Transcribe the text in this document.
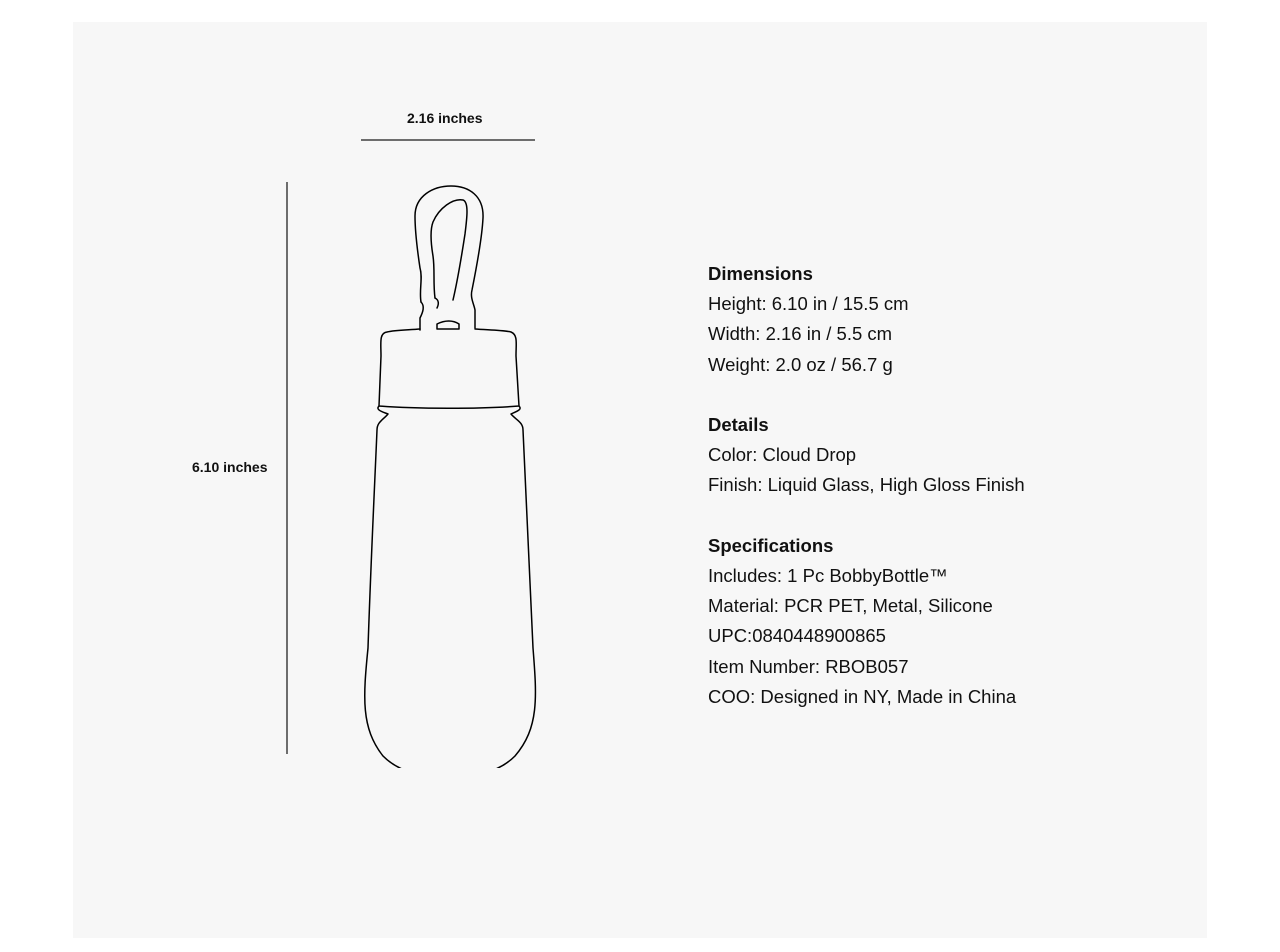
2.16 inches
6.10 inches
Dimensions
Height: 6.10 in / 15.5 cm
Width: 2.16 in / 5.5 cm
Weight: 2.0 oz / 56.7 g
Details
Color: Cloud Drop
Finish: Liquid Glass, High Gloss Finish
Specifications
Includes: 1 Pc BobbyBottle™
Material: PCR PET, Metal, Silicone
UPC:0840448900865
Item Number: RBOB057
COO: Designed in NY, Made in China
